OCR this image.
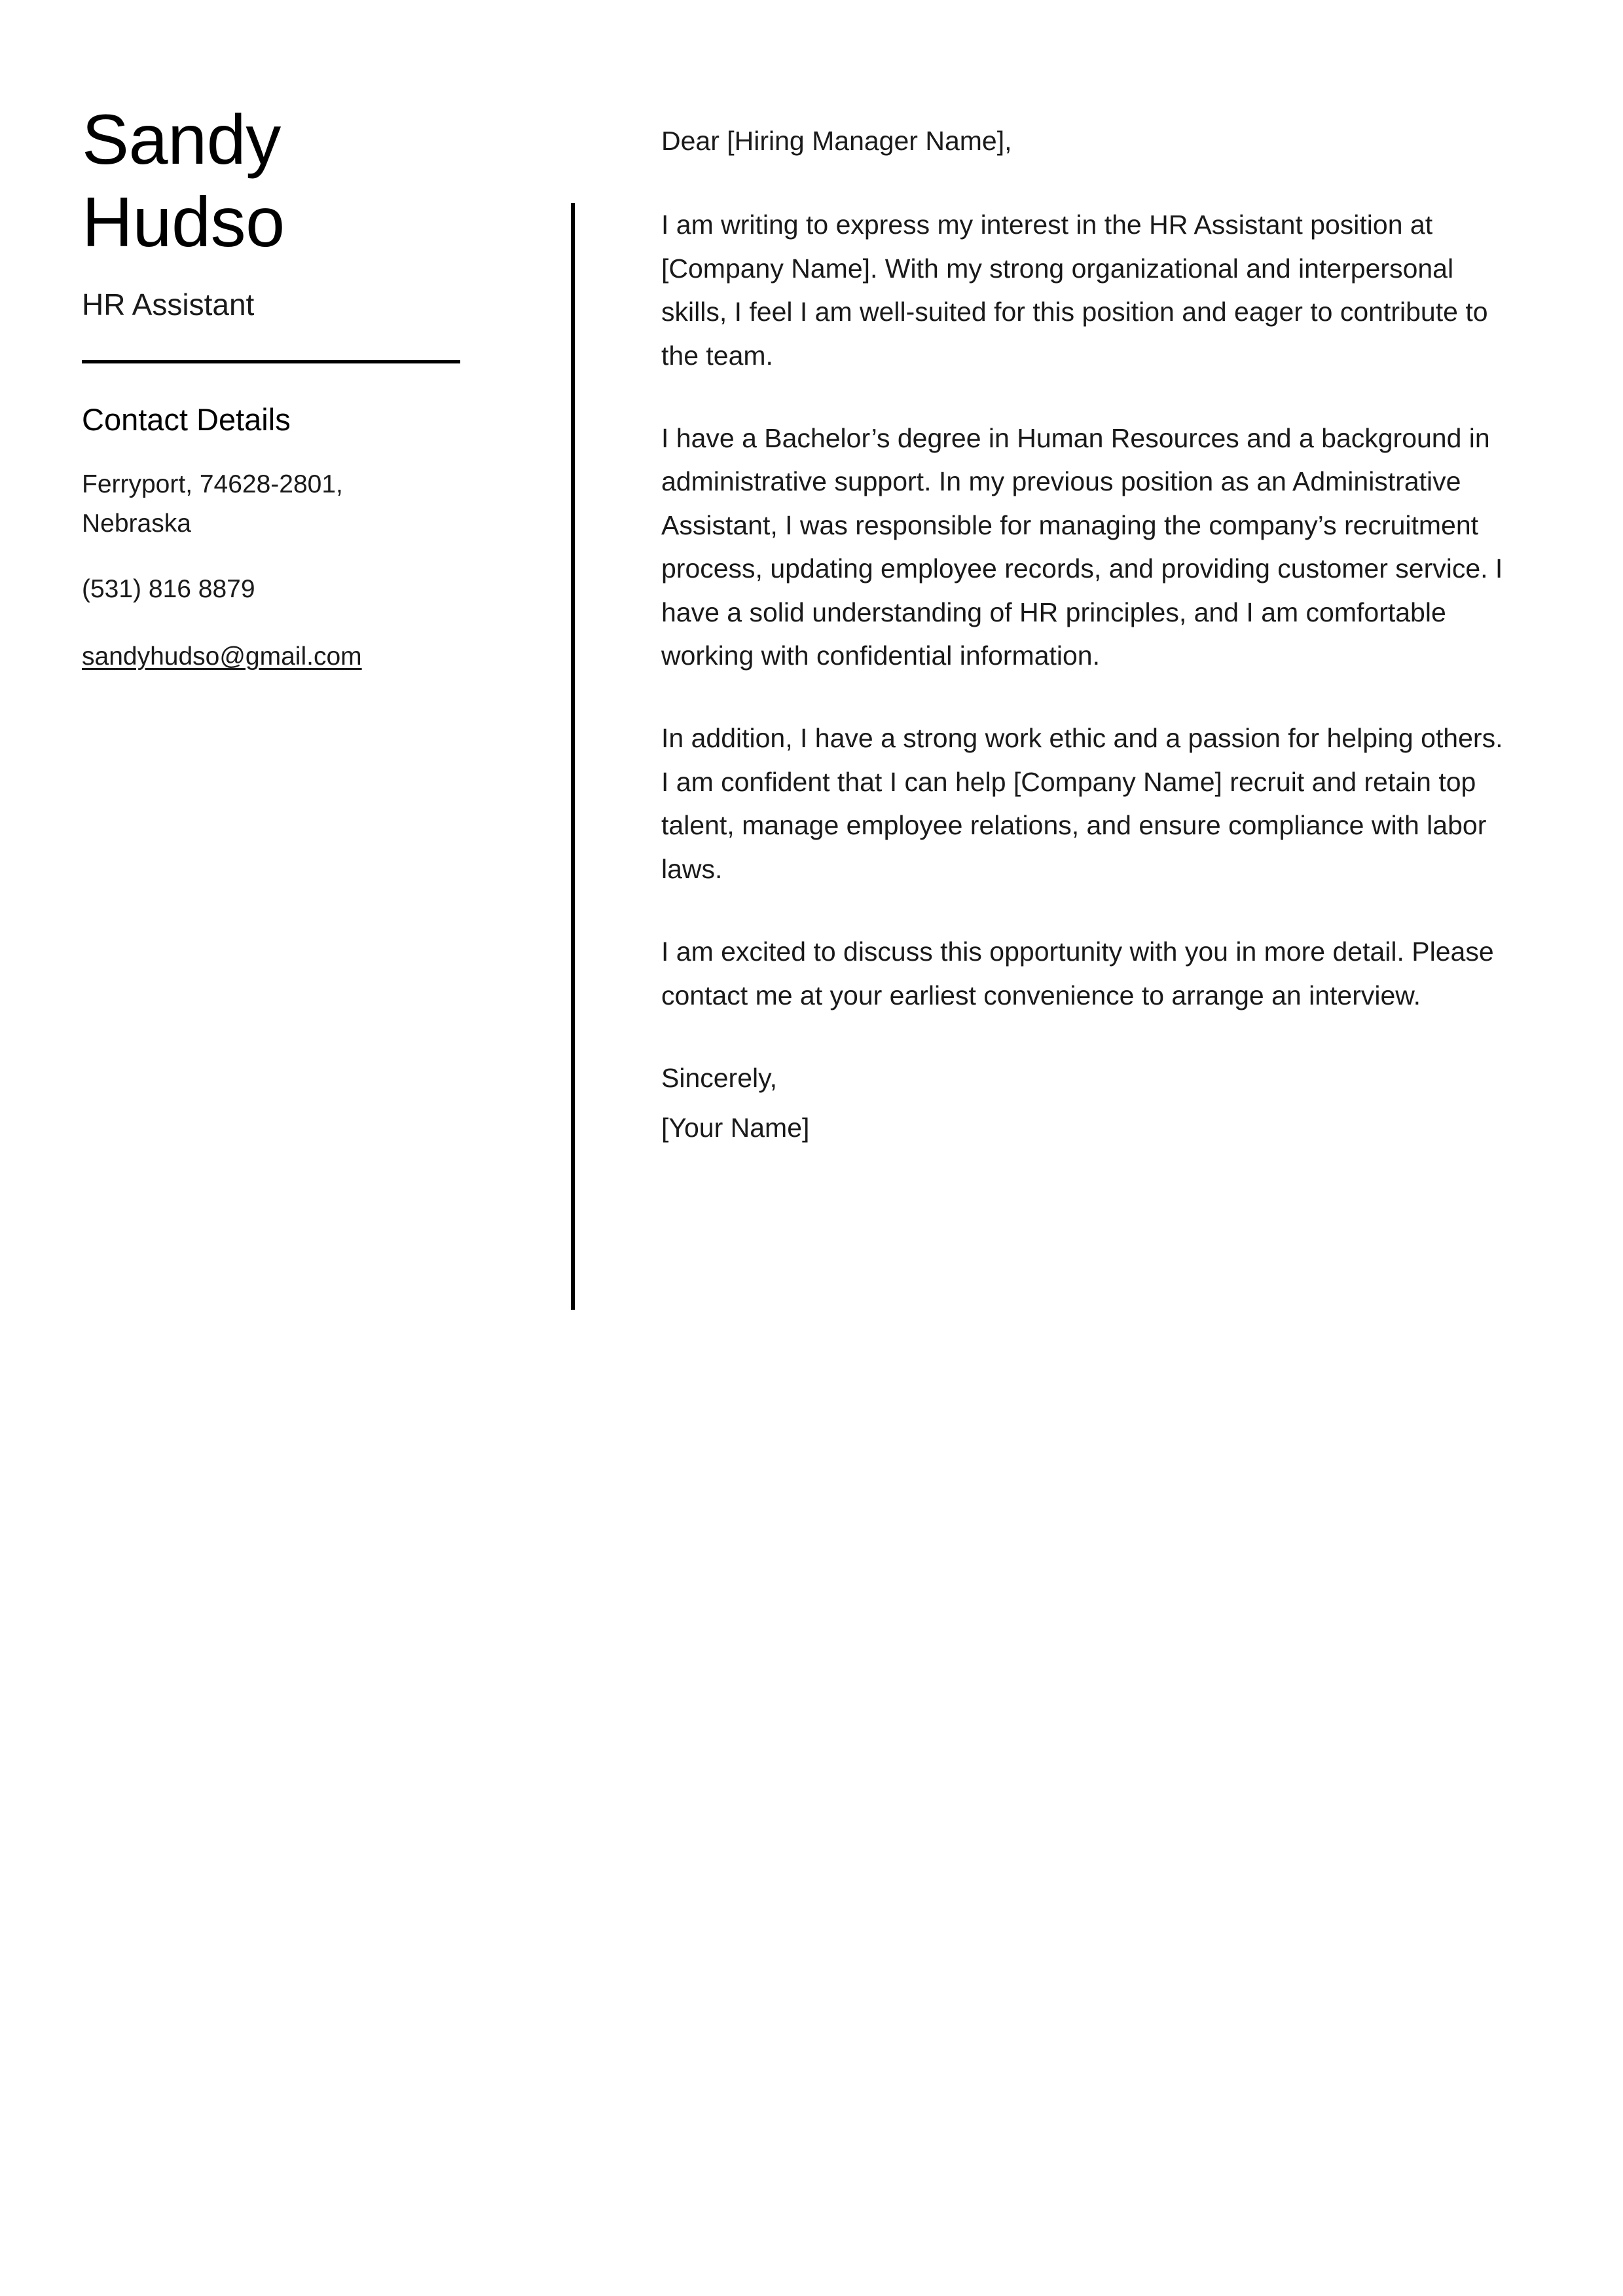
Sandy
Hudso
HR Assistant
Contact Details
Ferryport, 74628-2801, Nebraska
(531) 816 8879
sandyhudso@gmail.com

Dear [Hiring Manager Name],

I am writing to express my interest in the HR Assistant position at [Company Name]. With my strong organizational and interpersonal skills, I feel I am well-suited for this position and eager to contribute to the team.

I have a Bachelor’s degree in Human Resources and a background in administrative support. In my previous position as an Administrative Assistant, I was responsible for managing the company’s recruitment process, updating employee records, and providing customer service. I have a solid understanding of HR principles, and I am comfortable working with confidential information.

In addition, I have a strong work ethic and a passion for helping others. I am confident that I can help [Company Name] recruit and retain top talent, manage employee relations, and ensure compliance with labor laws.

I am excited to discuss this opportunity with you in more detail. Please contact me at your earliest convenience to arrange an interview.

Sincerely,
[Your Name]
